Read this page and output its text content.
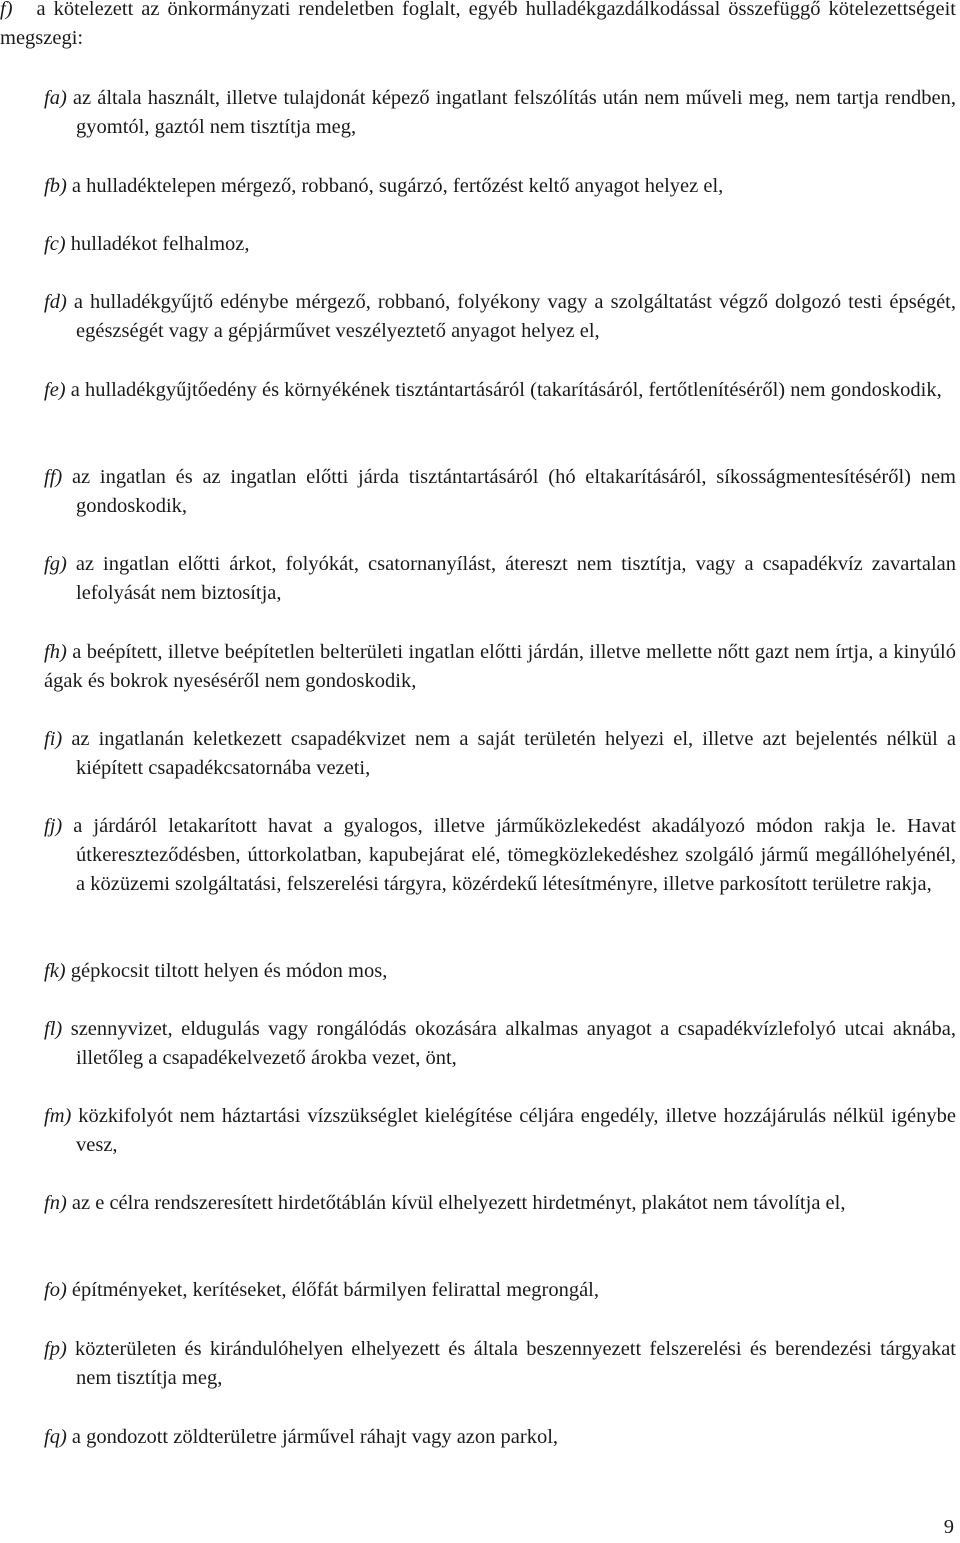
f) a kötelezett az önkormányzati rendeletben foglalt, egyéb hulladékgazdálkodással összefüggő kötelezettségeit megszegi:

fa) az általa használt, illetve tulajdonát képező ingatlant felszólítás után nem műveli meg, nem tartja rendben, gyomtól, gaztól nem tisztítja meg,

fb) a hulladéktelepen mérgező, robbanó, sugárzó, fertőzést keltő anyagot helyez el,

fc) hulladékot felhalmoz,

fd) a hulladékgyűjtő edénybe mérgező, robbanó, folyékony vagy a szolgáltatást végző dolgozó testi épségét, egészségét vagy a gépjárművet veszélyeztető anyagot helyez el,

fe) a hulladékgyűjtőedény és környékének tisztántartásáról (takarításáról, fertőtlenítéséről) nem gondoskodik,

ff) az ingatlan és az ingatlan előtti járda tisztántartásáról (hó eltakarításáról, síkosságmentesítéséről) nem gondoskodik,

fg) az ingatlan előtti árkot, folyókát, csatornanyílást, átereszt nem tisztítja, vagy a csapadékvíz zavartalan lefolyását nem biztosítja,

fh) a beépített, illetve beépítetlen belterületi ingatlan előtti járdán, illetve mellette nőtt gazt nem írtja, a kinyúló ágak és bokrok nyeséséről nem gondoskodik,

fi) az ingatlanán keletkezett csapadékvizet nem a saját területén helyezi el, illetve azt bejelentés nélkül a kiépített csapadékcsatornába vezeti,

fj) a járdáról letakarított havat a gyalogos, illetve járműközlekedést akadályozó módon rakja le. Havat útkereszteződésben, úttorkolatban, kapubejárat elé, tömegközlekedéshez szolgáló jármű megállóhelyénél, a közüzemi szolgáltatási, felszerelési tárgyra, közérdekű létesítményre, illetve parkosított területre rakja,

fk) gépkocsit tiltott helyen és módon mos,

fl) szennyvizet, eldugulás vagy rongálódás okozására alkalmas anyagot a csapadékvízlefolyó utcai aknába, illetőleg a csapadékelvezető árokba vezet, önt,

fm) közkifolyót nem háztartási vízszükséglet kielégítése céljára engedély, illetve hozzájárulás nélkül igénybe vesz,

fn) az e célra rendszeresített hirdetőtáblán kívül elhelyezett hirdetményt, plakátot nem távolítja el,

fo) építményeket, kerítéseket, élőfát bármilyen felirattal megrongál,

fp) közterületen és kirándulóhelyen elhelyezett és általa beszennyezett felszerelési és berendezési tárgyakat nem tisztítja meg,

fq) a gondozott zöldterületre járművel ráhajt vagy azon parkol,

9
